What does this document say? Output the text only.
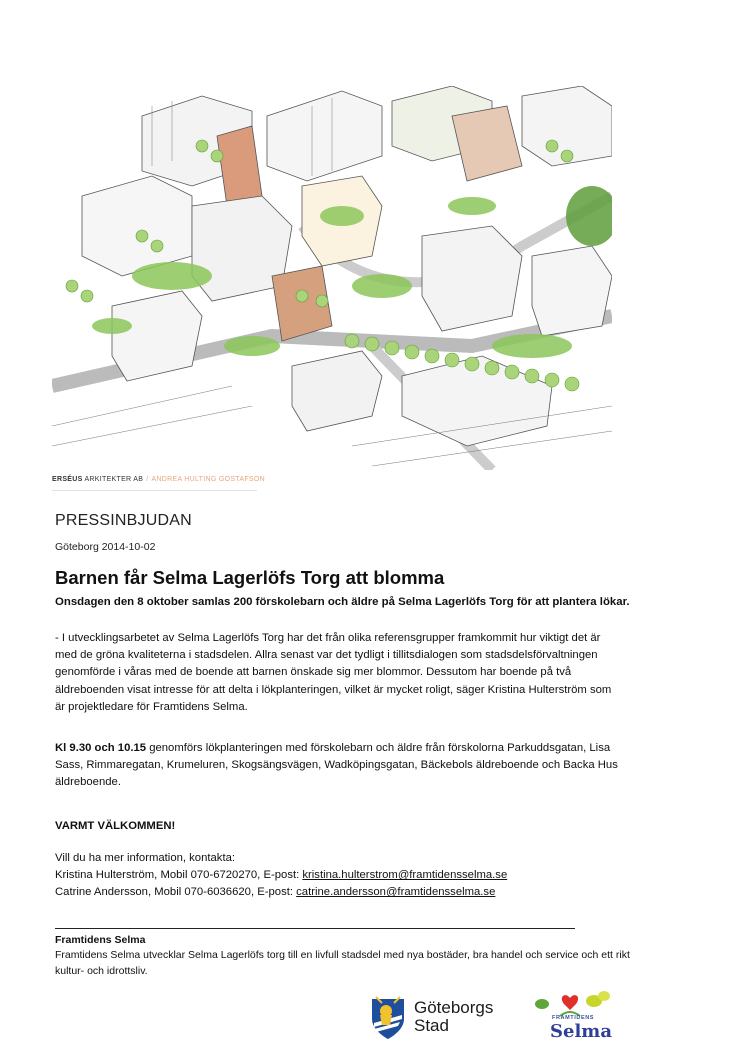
ERSÉUS ARKITEKTER AB / ANDREA HULTING GOSTAFSON
PRESSINBJUDAN
Göteborg 2014-10-02
Barnen får Selma Lagerlöfs Torg att blomma
Onsdagen den 8 oktober samlas 200 förskolebarn och äldre på Selma Lagerlöfs Torg för att plantera lökar.
- I utvecklingsarbetet av Selma Lagerlöfs Torg har det från olika referensgrupper framkommit hur viktigt det är
med de gröna kvaliteterna i stadsdelen. Allra senast var det tydligt i tillitsdialogen som stadsdelsförvaltningen
genomförde i våras med de boende att barnen önskade sig mer blommor. Dessutom har boende på två
äldreboenden visat intresse för att delta i lökplanteringen, vilket är mycket roligt, säger Kristina Hulterström som
är projektledare för Framtidens Selma.
Kl 9.30 och 10.15 genomförs lökplanteringen med förskolebarn och äldre från förskolorna Parkuddsgatan, Lisa
Sass, Rimmaregatan, Krumeluren, Skogsängsvägen, Wadköpingsgatan, Bäckebols äldreboende och Backa Hus
äldreboende.
VARMT VÄLKOMMEN!
Vill du ha mer information, kontakta:
Kristina Hulterström, Mobil 070-6720270, E-post: kristina.hulterstrom@framtidensselma.se
Catrine Andersson, Mobil 070-6036620, E-post: catrine.andersson@framtidensselma.se
Framtidens Selma
Framtidens Selma utvecklar Selma Lagerlöfs torg till en livfull stadsdel med nya bostäder, bra handel och service och ett rikt
kultur- och idrottsliv.
Göteborgs
Stad	FRAMTIDENS
Selma
